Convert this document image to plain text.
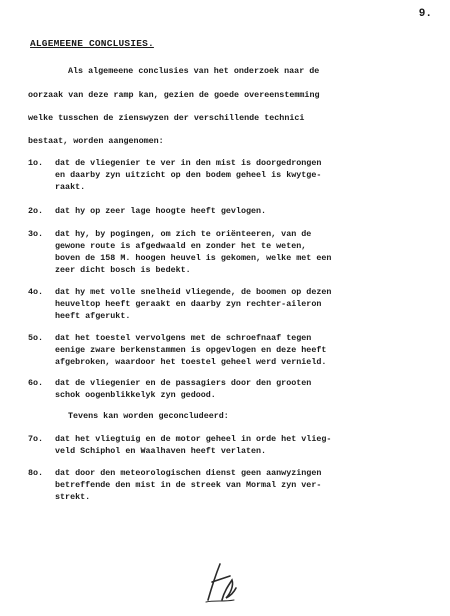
9.
ALGEMEENE CONCLUSIES.
Als algemeene conclusies van het onderzoek naar de
oorzaak van deze ramp kan, gezien de goede overeenstemming
welke tusschen de zienswyzen der verschillende technici
bestaat, worden aangenomen:
1o. dat de vliegenier te ver in den mist is doorgedrongen
en daarby zyn uitzicht op den bodem geheel is kwytge-
raakt.
2o. dat hy op zeer lage hoogte heeft gevlogen.
3o. dat hy, by pogingen, om zich te oriënteeren, van de
gewone route is afgedwaald en zonder het te weten,
boven de 158 M. hoogen heuvel is gekomen, welke met een
zeer dicht bosch is bedekt.
4o. dat hy met volle snelheid vliegende, de boomen op dezen
heuveltop heeft geraakt en daarby zyn rechter-aileron
heeft afgerukt.
5o. dat het toestel vervolgens met de schroefnaaf tegen
eenige zware berkenstammen is opgevlogen en deze heeft
afgebroken, waardoor het toestel geheel werd vernield.
6o. dat de vliegenier en de passagiers door den grooten
schok oogenblikkelyk zyn gedood.
Tevens kan worden geconcludeerd:
7o. dat het vliegtuig en de motor geheel in orde het vlieg-
veld Schiphol en Waalhaven heeft verlaten.
8o. dat door den meteorologischen dienst geen aanwyzingen
betreffende den mist in de streek van Mormal zyn ver-
strekt.
